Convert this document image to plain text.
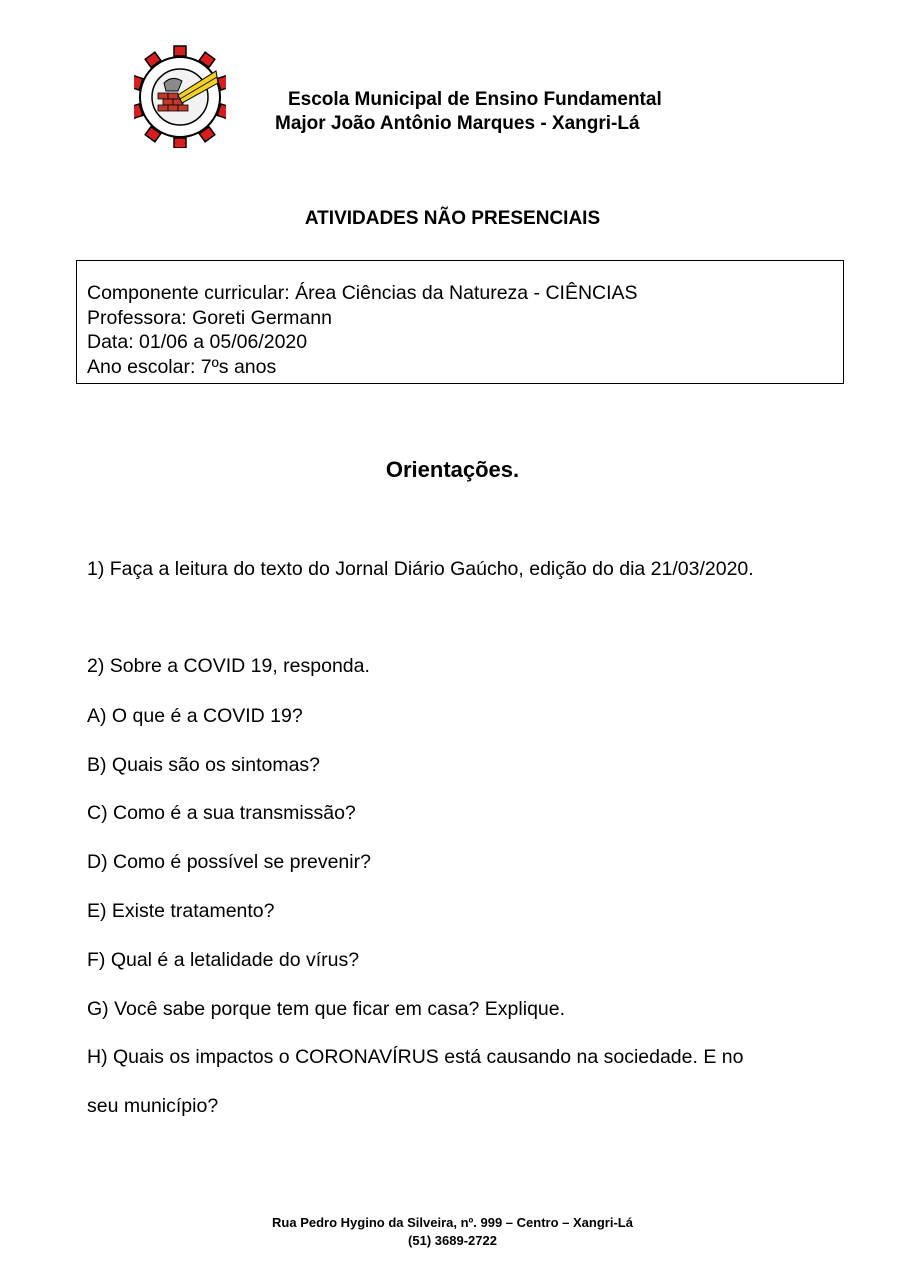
Escola Municipal de Ensino Fundamental
Major João Antônio Marques - Xangri-Lá
ATIVIDADES NÃO PRESENCIAIS
Componente curricular: Área Ciências da Natureza - CIÊNCIAS
Professora: Goreti Germann
Data: 01/06 a 05/06/2020
Ano escolar: 7ºs anos
Orientações.
1) Faça a leitura do texto do Jornal Diário Gaúcho, edição do dia 21/03/2020.
2) Sobre a COVID 19, responda.
A) O que é a COVID 19?
B) Quais são os sintomas?
C) Como é a sua transmissão?
D) Como é possível se prevenir?
E) Existe tratamento?
F) Qual é a letalidade do vírus?
G) Você sabe porque tem que ficar em casa? Explique.
H) Quais os impactos o CORONAVÍRUS está causando na sociedade. E no
seu município?
Rua Pedro Hygino da Silveira, nº. 999 – Centro – Xangri-Lá
(51) 3689-2722
